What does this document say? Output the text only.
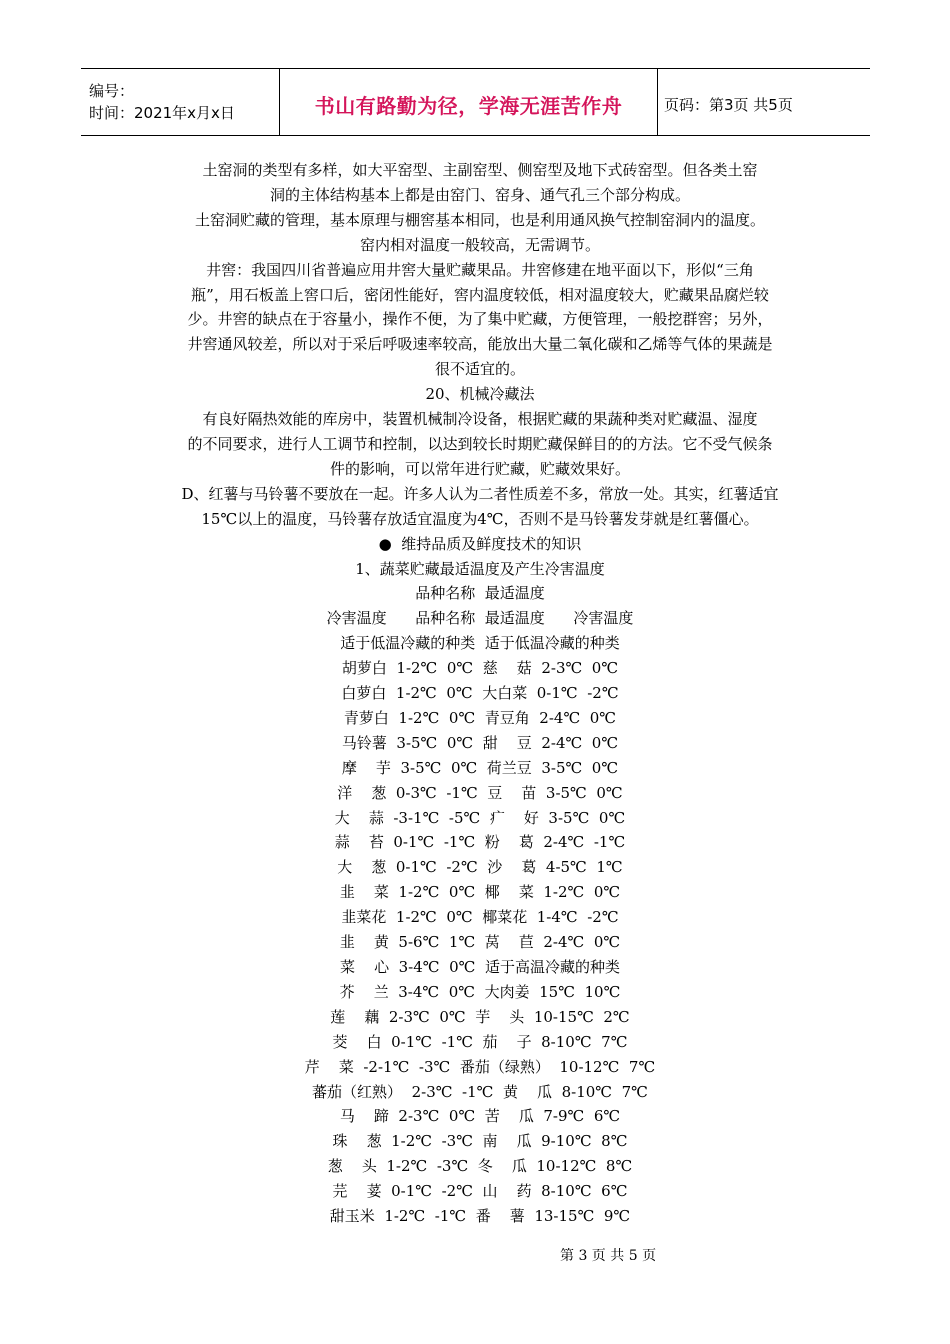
编号：
时间：2021年x月x日	书山有路勤为径，学海无涯苦作舟	页码：第3页 共5页
土窑洞的类型有多样，如大平窑型、主副窑型、侧窑型及地下式砖窑型。但各类土窑
洞的主体结构基本上都是由窑门、窑身、通气孔三个部分构成。
土窑洞贮藏的管理，基本原理与棚窖基本相同，也是利用通风换气控制窑洞内的温度。
窑内相对温度一般较高，无需调节。
井窖：我国四川省普遍应用井窖大量贮藏果品。井窖修建在地平面以下，形似“三角
瓶”，用石板盖上窖口后，密闭性能好，窖内温度较低，相对温度较大，贮藏果品腐烂较
少。井窖的缺点在于容量小，操作不便，为了集中贮藏，方便管理，一般挖群窖；另外，
井窖通风较差，所以对于采后呼吸速率较高，能放出大量二氧化碳和乙烯等气体的果蔬是
很不适宜的。
20、机械冷藏法
有良好隔热效能的库房中，装置机械制冷设备，根据贮藏的果蔬种类对贮藏温、湿度
的不同要求，进行人工调节和控制，以达到较长时期贮藏保鲜目的的方法。它不受气候条
件的影响，可以常年进行贮藏，贮藏效果好。
D、红薯与马铃薯不要放在一起。许多人认为二者性质差不多，常放一处。其实，红薯适宜
15℃以上的温度，马铃薯存放适宜温度为4℃，否则不是马铃薯发芽就是红薯僵心。
●  维持品质及鲜度技术的知识
1、蔬菜贮藏最适温度及产生冷害温度
品种名称  最适温度
冷害温度      品种名称  最适温度      冷害温度
适于低温冷藏的种类  适于低温冷藏的种类
胡萝白  1-2℃  0℃  慈    菇  2-3℃  0℃
白萝白  1-2℃  0℃  大白菜  0-1℃  -2℃
青萝白  1-2℃  0℃  青豆角  2-4℃  0℃
马铃薯  3-5℃  0℃  甜    豆  2-4℃  0℃
摩    芋  3-5℃  0℃  荷兰豆  3-5℃  0℃
洋    葱  0-3℃  -1℃  豆    苗  3-5℃  0℃
大    蒜  -3-1℃  -5℃  疒    好  3-5℃  0℃
蒜    苔  0-1℃  -1℃  粉    葛  2-4℃  -1℃
大    葱  0-1℃  -2℃  沙    葛  4-5℃  1℃
韭    菜  1-2℃  0℃  椰    菜  1-2℃  0℃
韭菜花  1-2℃  0℃  椰菜花  1-4℃  -2℃
韭    黄  5-6℃  1℃  莴    苣  2-4℃  0℃
菜    心  3-4℃  0℃  适于高温冷藏的种类
芥    兰  3-4℃  0℃  大肉姜  15℃  10℃
莲    藕  2-3℃  0℃  芋    头  10-15℃  2℃
茭    白  0-1℃  -1℃  茄    子  8-10℃  7℃
芹    菜  -2-1℃  -3℃  番茄（绿熟）  10-12℃  7℃
蕃茄（红熟）  2-3℃  -1℃  黄    瓜  8-10℃  7℃
马    蹄  2-3℃  0℃  苦    瓜  7-9℃  6℃
珠    葱  1-2℃  -3℃  南    瓜  9-10℃  8℃
葱    头  1-2℃  -3℃  冬    瓜  10-12℃  8℃
芫    荽  0-1℃  -2℃  山    药  8-10℃  6℃
甜玉米  1-2℃  -1℃  番    薯  13-15℃  9℃
第 3 页 共 5 页
